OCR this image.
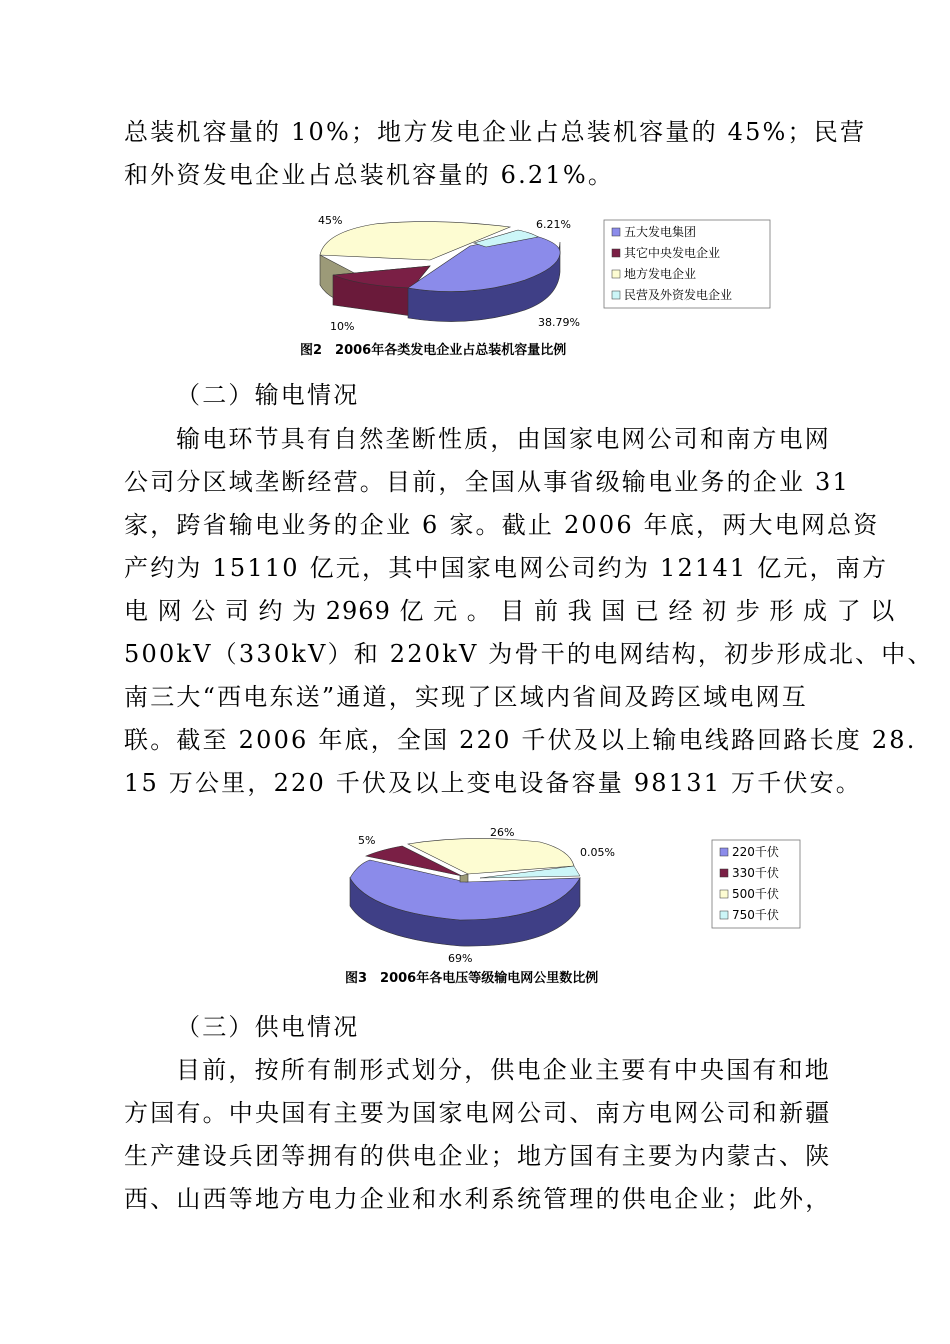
总装机容量的 10%；地方发电企业占总装机容量的 45%；民营
和外资发电企业占总装机容量的 6.21%。
45%	6.21%
10%	38.79%
五大发电集团
其它中央发电企业
地方发电企业
民营及外资发电企业
图2　2006年各类发电企业占总装机容量比例
（二）输电情况
输电环节具有自然垄断性质，由国家电网公司和南方电网
公司分区域垄断经营。目前，全国从事省级输电业务的企业 31
家，跨省输电业务的企业 6 家。截止 2006 年底，两大电网总资
产约为 15110 亿元，其中国家电网公司约为 12141 亿元，南方
电 网 公 司 约 为 2969 亿 元 。 目 前 我 国 已 经 初 步 形 成 了 以
500kV（330kV）和 220kV 为骨干的电网结构，初步形成北、中、
南三大“西电东送”通道，实现了区域内省间及跨区域电网互
联。截至 2006 年底，全国 220 千伏及以上输电线路回路长度 28.
15 万公里，220 千伏及以上变电设备容量 98131 万千伏安。
5%
26%
0.05%
69%
220千伏
330千伏
500千伏
750千伏
图3　2006年各电压等级输电网公里数比例
（三）供电情况
目前，按所有制形式划分，供电企业主要有中央国有和地
方国有。中央国有主要为国家电网公司、南方电网公司和新疆
生产建设兵团等拥有的供电企业；地方国有主要为内蒙古、陕
西、山西等地方电力企业和水利系统管理的供电企业；此外，
